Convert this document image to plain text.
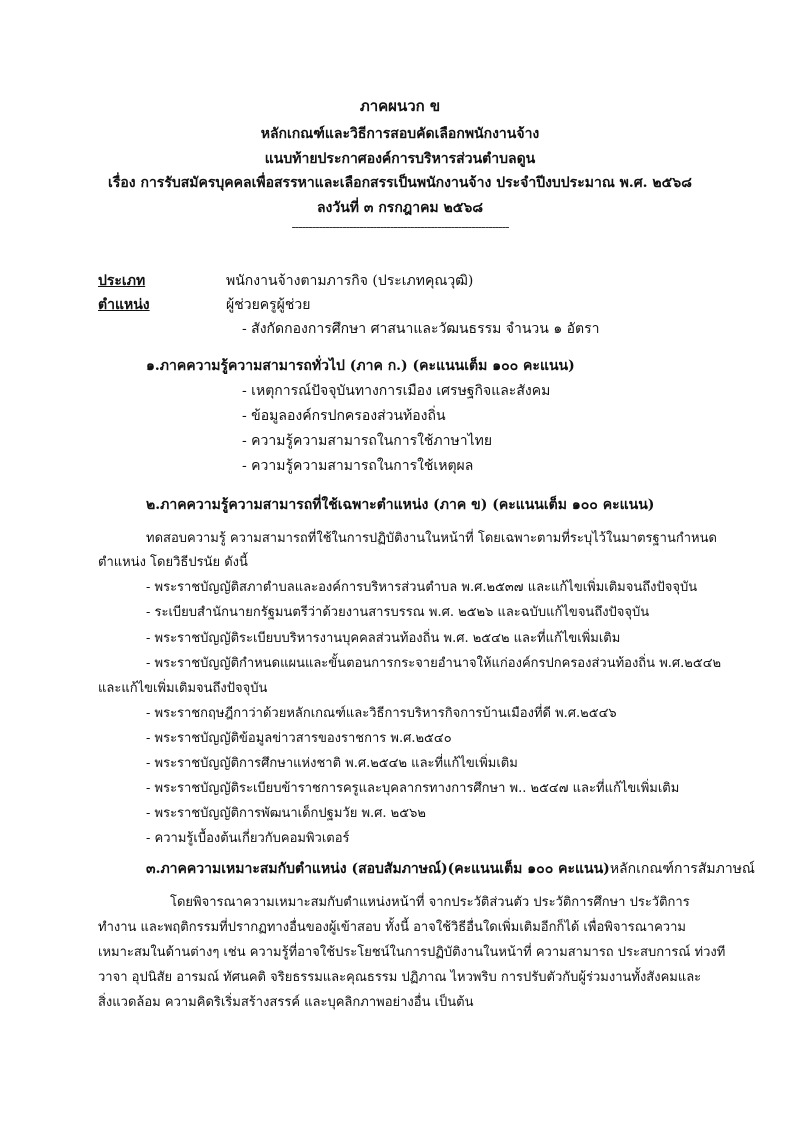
ภาคผนวก ข
หลักเกณฑ์และวิธีการสอบคัดเลือกพนักงานจ้าง
แนบท้ายประกาศองค์การบริหารส่วนตำบลดูน
เรื่อง การรับสมัครบุคคลเพื่อสรรหาและเลือกสรรเป็นพนักงานจ้าง ประจำปีงบประมาณ พ.ศ. ๒๕๖๘
ลงวันที่ ๓ กรกฎาคม ๒๕๖๘
----------------------------------------------------------------
ประเภท	พนักงานจ้างตามภารกิจ (ประเภทคุณวุฒิ)
ตำแหน่ง	ผู้ช่วยครูผู้ช่วย
- สังกัดกองการศึกษา ศาสนาและวัฒนธรรม จำนวน ๑ อัตรา
๑.ภาคความรู้ความสามารถทั่วไป (ภาค ก.) (คะแนนเต็ม ๑๐๐ คะแนน)
- เหตุการณ์ปัจจุบันทางการเมือง เศรษฐกิจและสังคม
- ข้อมูลองค์กรปกครองส่วนท้องถิ่น
- ความรู้ความสามารถในการใช้ภาษาไทย
- ความรู้ความสามารถในการใช้เหตุผล
๒.ภาคความรู้ความสามารถที่ใช้เฉพาะตำแหน่ง (ภาค ข) (คะแนนเต็ม ๑๐๐ คะแนน)
ทดสอบความรู้ ความสามารถที่ใช้ในการปฏิบัติงานในหน้าที่ โดยเฉพาะตามที่ระบุไว้ในมาตรฐานกำหนด
ตำแหน่ง โดยวิธีปรนัย ดังนี้
- พระราชบัญญัติสภาตำบลและองค์การบริหารส่วนตำบล พ.ศ.๒๕๓๗ และแก้ไขเพิ่มเติมจนถึงปัจจุบัน
- ระเบียบสำนักนายกรัฐมนตรีว่าด้วยงานสารบรรณ พ.ศ. ๒๕๒๖ และฉบับแก้ไขจนถึงปัจจุบัน
- พระราชบัญญัติระเบียบบริหารงานบุคคลส่วนท้องถิ่น พ.ศ. ๒๕๔๒ และที่แก้ไขเพิ่มเติม
- พระราชบัญญัติกำหนดแผนและขั้นตอนการกระจายอำนาจให้แก่องค์กรปกครองส่วนท้องถิ่น พ.ศ.๒๕๔๒
และแก้ไขเพิ่มเติมจนถึงปัจจุบัน
- พระราชกฤษฎีกาว่าด้วยหลักเกณฑ์และวิธีการบริหารกิจการบ้านเมืองที่ดี พ.ศ.๒๕๔๖
- พระราชบัญญัติข้อมูลข่าวสารของราชการ พ.ศ.๒๕๔๐
- พระราชบัญญัติการศึกษาแห่งชาติ พ.ศ.๒๕๔๒ และที่แก้ไขเพิ่มเติม
- พระราชบัญญัติระเบียบข้าราชการครูและบุคลากรทางการศึกษา พ.. ๒๕๔๗ และที่แก้ไขเพิ่มเติม
- พระราชบัญญัติการพัฒนาเด็กปฐมวัย พ.ศ. ๒๕๖๒
- ความรู้เบื้องต้นเกี่ยวกับคอมพิวเตอร์
๓.ภาคความเหมาะสมกับตำแหน่ง (สอบสัมภาษณ์)(คะแนนเต็ม ๑๐๐ คะแนน)หลักเกณฑ์การสัมภาษณ์
โดยพิจารณาความเหมาะสมกับตำแหน่งหน้าที่ จากประวัติส่วนตัว ประวัติการศึกษา ประวัติการ
ทำงาน และพฤติกรรมที่ปรากฏทางอื่นของผู้เข้าสอบ ทั้งนี้ อาจใช้วิธีอื่นใดเพิ่มเติมอีกก็ได้ เพื่อพิจารณาความ
เหมาะสมในด้านต่างๆ เช่น ความรู้ที่อาจใช้ประโยชน์ในการปฏิบัติงานในหน้าที่ ความสามารถ ประสบการณ์ ท่วงที
วาจา อุปนิสัย อารมณ์ ทัศนคติ จริยธรรมและคุณธรรม ปฏิภาณ ไหวพริบ การปรับตัวกับผู้ร่วมงานทั้งสังคมและ
สิ่งแวดล้อม ความคิดริเริ่มสร้างสรรค์ และบุคลิกภาพอย่างอื่น เป็นต้น
